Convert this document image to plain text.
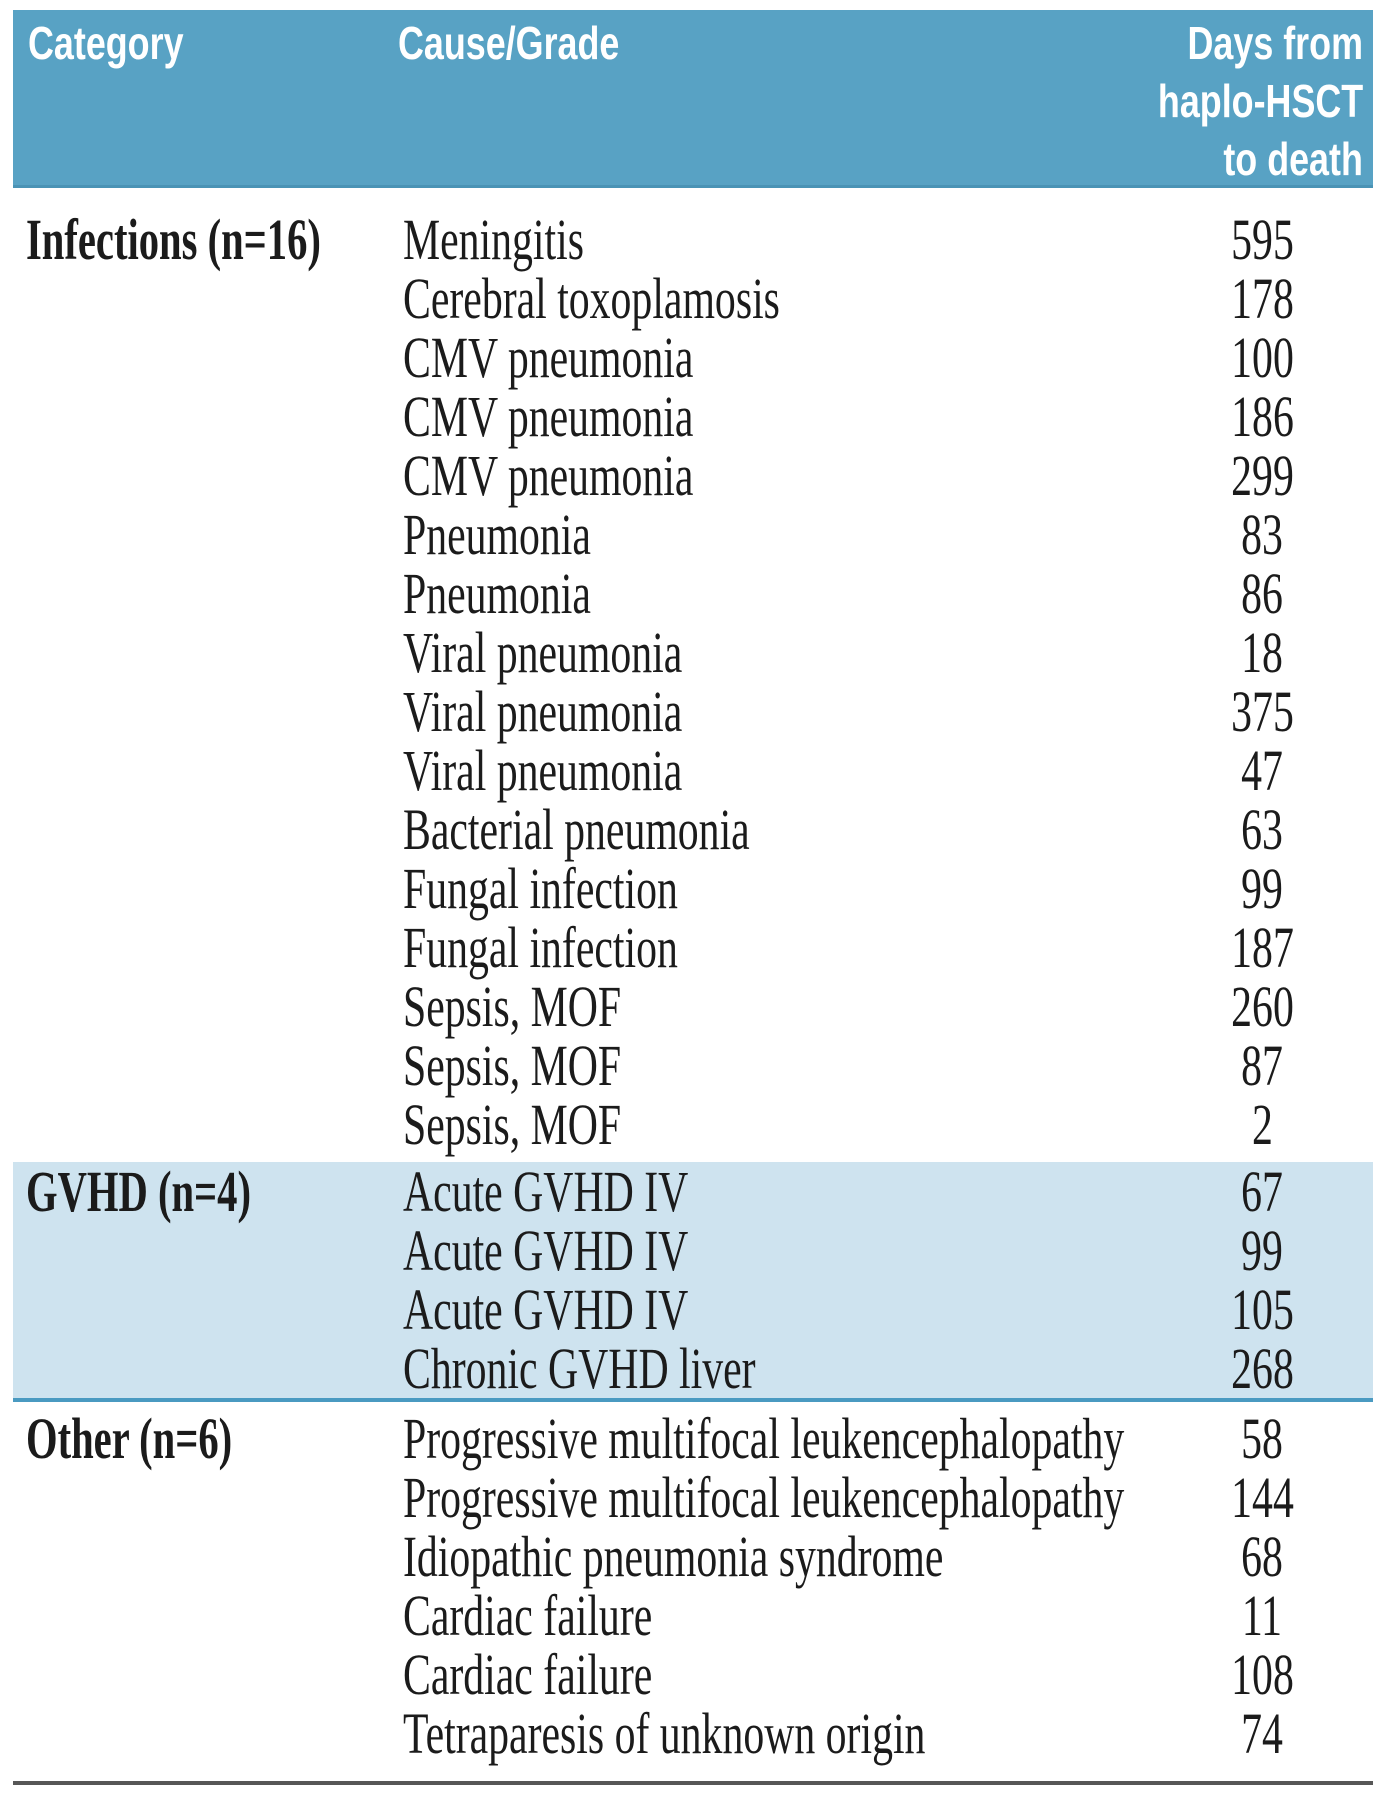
Category	Cause/Grade	Days from
haplo-HSCT
to death
Infections (n=16)	Meningitis	595
Cerebral toxoplamosis	178
CMV pneumonia	100
CMV pneumonia	186
CMV pneumonia	299
Pneumonia	83
Pneumonia	86
Viral pneumonia	18
Viral pneumonia	375
Viral pneumonia	47
Bacterial pneumonia	63
Fungal infection	99
Fungal infection	187
Sepsis, MOF	260
Sepsis, MOF	87
Sepsis, MOF	2
GVHD (n=4)	Acute GVHD IV	67
Acute GVHD IV	99
Acute GVHD IV	105
Chronic GVHD liver	268
Other (n=6)	Progressive multifocal leukencephalopathy	58
Progressive multifocal leukencephalopathy	144
Idiopathic pneumonia syndrome	68
Cardiac failure	11
Cardiac failure	108
Tetraparesis of unknown origin	74
